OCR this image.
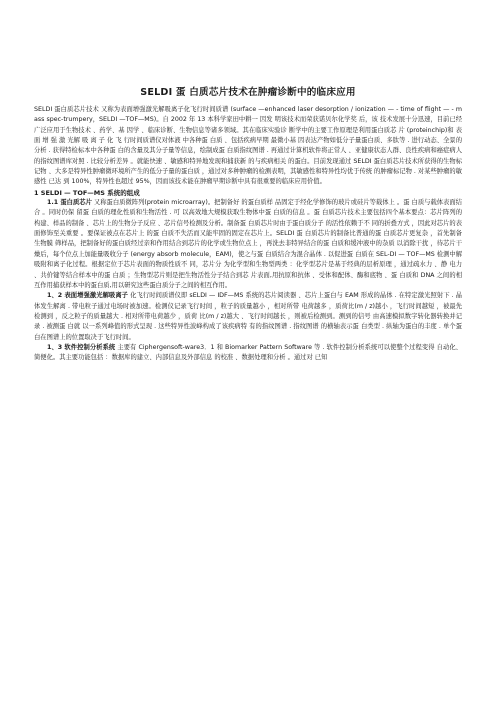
SELDI 蛋 白质芯片技术在肿瘤诊断中的临床应用

SELDI 蛋白质芯片技术 又称为表面增强激光解吸离子化飞行时间质谱 (surface —enhanced laser desorption / ionization — - time of flight — - mass spec-trumpery，SELDI —TOF—MS)。自 2002 年 13 本科学家田中耕一 因发 明该技术而荣获诺贝尔化学奖 后，该 技术发展十分迅速，目前已经广泛应用于生物技术 、药学、基 因学 、临床诊断、生物信息等诸多领域。其在临床实验诊 断学中的主要工作原理是利用蛋白质芯 片 (proteinchip)和 表 面 增 强 激 光解 吸 离 子 化 飞 行时间质谱仪对体液 中各种蛋 白质 、包括疾病早期 最微小基 因表达产物如低分子量蛋白质、多肽等 . 进行动态、全景的分析 . 获得特检标本中各种蛋 白的含量及其分子量等信息，绘制成蛋 白质指纹图谱 . 再通过计算机软件将正常人 、亚健康状态人群、良性疾病和癌症病人的指纹图谱库对照 . 比较分析差异 。就能快速 、敏感和特异地发现和捕获新 的与疾病相关 的蛋白。目前发现通过 SELDI 蛋白质芯片技术所获得的生物标记物 、大多是特异性肿瘤微环境所产生的低分子量的蛋白质 ，通过对多种肿瘤的检测表明，其敏感性和特异性均优于传统 的肿瘤标记物 . 对某些肿瘤的敏感性 已达 到 100%，特异性也超过 95%，因而该技术能在肿瘤早期诊断中具有很重要的临床应用价值。

1 SELDI — TOF—MS 系统的组成

1.1 蛋白质芯片 又称蛋白质微阵列(protein microarray)。把制备好 的蛋白质样 品固定于经化学修饰的玻片或硅片等载体上 。蛋 白质与载体表面结合 。同时仍保 留蛋 白质的理化性质和生物活性 . 可 以高效地大规模获取生物体中蛋 白质的信息 。蛋 白质芯片技术主要包括四个基本要点：芯片阵列的构建、样品的制备 、芯片上的生物分子反应 、芯片信号检测及分析。制备蛋 白质芯片时由于蛋白质分子 的活性依赖于不 同的折叠方式 ，因此对芯片的表面修饰至关重要 。要保证被点在芯片上 的蛋 白质不失活而又能牢固的固定在芯片上。SELDI 蛋 白质芯片的制备比普通的蛋 白质芯片更复杂 ，首先制备生物膜 筛样品，把制备好的蛋白质经过亲和作用结合到芯片的化学或生物位点上 ，再洗去非特异结合的蛋 白质和缓冲液中的杂质 以消除干扰 ，待芯片干燥后，每个位点上加能量吸收分子 (energy absorb molecule，EAM)，使之与蛋 白质结合为混合晶体 . 以促进蛋 白质在 SEL-DI — TOF—MS 检测中解吸附和离子化过程。根据定位于芯片表面的物质性质不 同，芯片分 为化学型和生物型两类 ：化学型芯片是基于经典的层析原理 ，通过疏水力 、静 电力 、共价键等结合样本中的蛋 白质 ；生物型芯片则是把生物活性分子结合到芯 片表面,用抗原和抗体 、受体和配体、酶和底物 、蛋 白质和 DNA 之间的相互作用捕获样本中的蛋白质,用以研究这些蛋白质分子之间的相互作用。

1、2 表面增强激光解吸离子 化飞行时间质谱仪即 sELDI — IDF—MS 系统的芯片阅读器 、芯片上蛋白与 EAM 形成的晶体 . 在特定激光照射下 . 晶体发生解离 . 带电粒子通过电场时被加速。检测仪记录飞行时间 ，粒子的质量越小 ，相对所带 电荷越多 ，质荷比(m / z)越小 ，飞行时间越短 ，被最先检测到 ，反之粒子的质量越大 . 相对所带电荷越少 ，质荷 比(m / z)越大 、飞行时间越长 ，则被后检测到。测到的信号 由高速模拟数字转化器转换并记录 . 被测蛋 白就 以一系列峰值的形式呈现 . 这些特异性波峰构成了该疾病特 有的指纹图谱 . 指纹图谱 的横轴表示蛋 白类型 . 纵轴为蛋白的丰度 . 单个蛋 白在图谱上的位置取决于飞行时间。

1、3 软件控制分析系统 主要有 Ciphergensoft-ware3．1 和 Biomarker Pattern Software 等 . 软件控制分析系统可以使整个过程变得 自动化、简便化。其主要功能包括 ：数据库的建立、内部信息及外部信息 的校准 、数据处理和分析 。通过对 已知
